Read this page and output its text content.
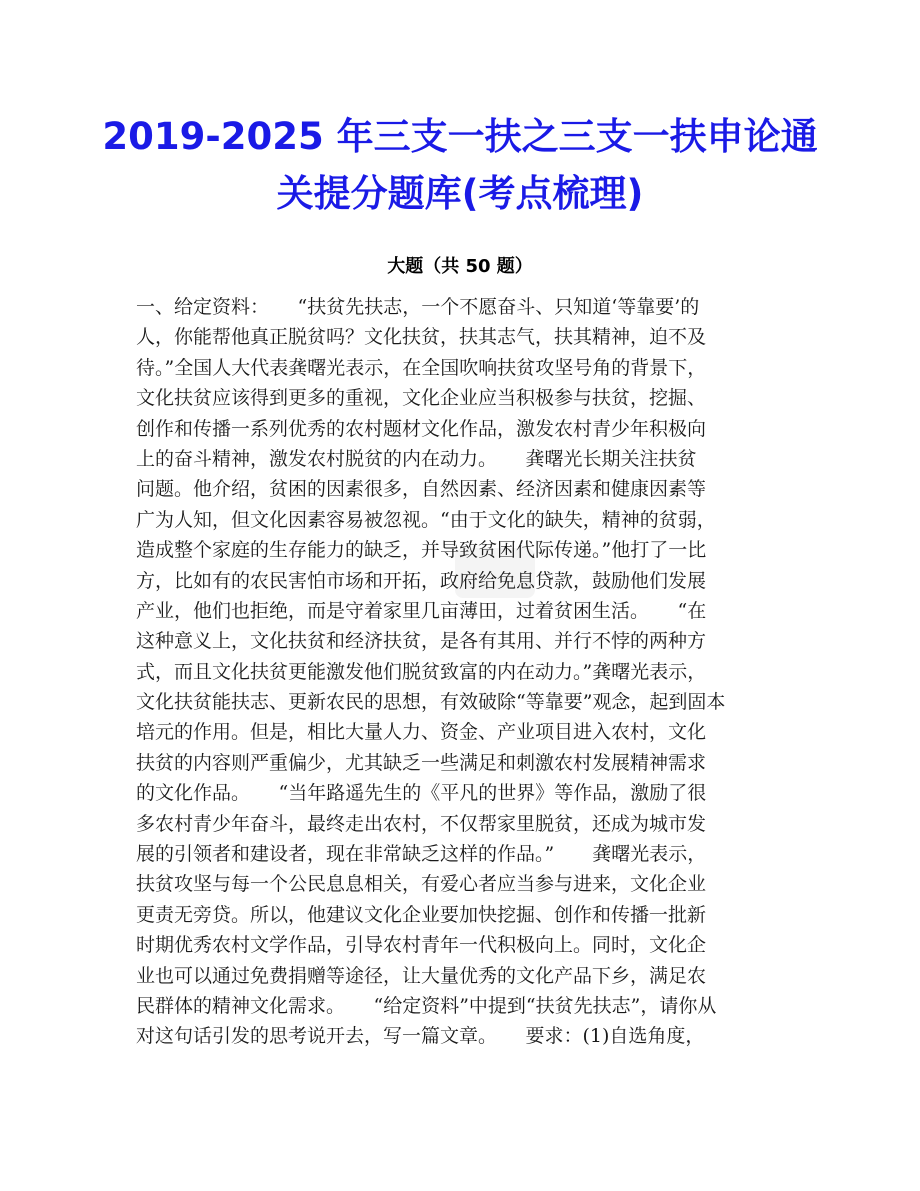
2019-2025 年三支一扶之三支一扶申论通
关提分题库(考点梳理)
大题（共 50 题）
一、给定资料：　　“扶贫先扶志，一个不愿奋斗、只知道‘等靠要’的
人，你能帮他真正脱贫吗？文化扶贫，扶其志气，扶其精神，迫不及
待。”全国人大代表龚曙光表示，在全国吹响扶贫攻坚号角的背景下，
文化扶贫应该得到更多的重视，文化企业应当积极参与扶贫，挖掘、
创作和传播一系列优秀的农村题材文化作品，激发农村青少年积极向
上的奋斗精神，激发农村脱贫的内在动力。　　龚曙光长期关注扶贫
问题。他介绍，贫困的因素很多，自然因素、经济因素和健康因素等
广为人知，但文化因素容易被忽视。“由于文化的缺失，精神的贫弱，
造成整个家庭的生存能力的缺乏，并导致贫困代际传递。”他打了一比
方，比如有的农民害怕市场和开拓，政府给免息贷款，鼓励他们发展
产业，他们也拒绝，而是守着家里几亩薄田，过着贫困生活。　　“在
这种意义上，文化扶贫和经济扶贫，是各有其用、并行不悖的两种方
式，而且文化扶贫更能激发他们脱贫致富的内在动力。”龚曙光表示，
文化扶贫能扶志、更新农民的思想，有效破除“等靠要”观念，起到固本
培元的作用。但是，相比大量人力、资金、产业项目进入农村，文化
扶贫的内容则严重偏少，尤其缺乏一些满足和刺激农村发展精神需求
的文化作品。　　“当年路遥先生的《平凡的世界》等作品，激励了很
多农村青少年奋斗，最终走出农村，不仅帮家里脱贫，还成为城市发
展的引领者和建设者，现在非常缺乏这样的作品。”　　龚曙光表示，
扶贫攻坚与每一个公民息息相关，有爱心者应当参与进来，文化企业
更责无旁贷。所以，他建议文化企业要加快挖掘、创作和传播一批新
时期优秀农村文学作品，引导农村青年一代积极向上。同时，文化企
业也可以通过免费捐赠等途径，让大量优秀的文化产品下乡，满足农
民群体的精神文化需求。　　“给定资料”中提到“扶贫先扶志”，请你从
对这句话引发的思考说开去，写一篇文章。　　要求：(1)自选角度，
